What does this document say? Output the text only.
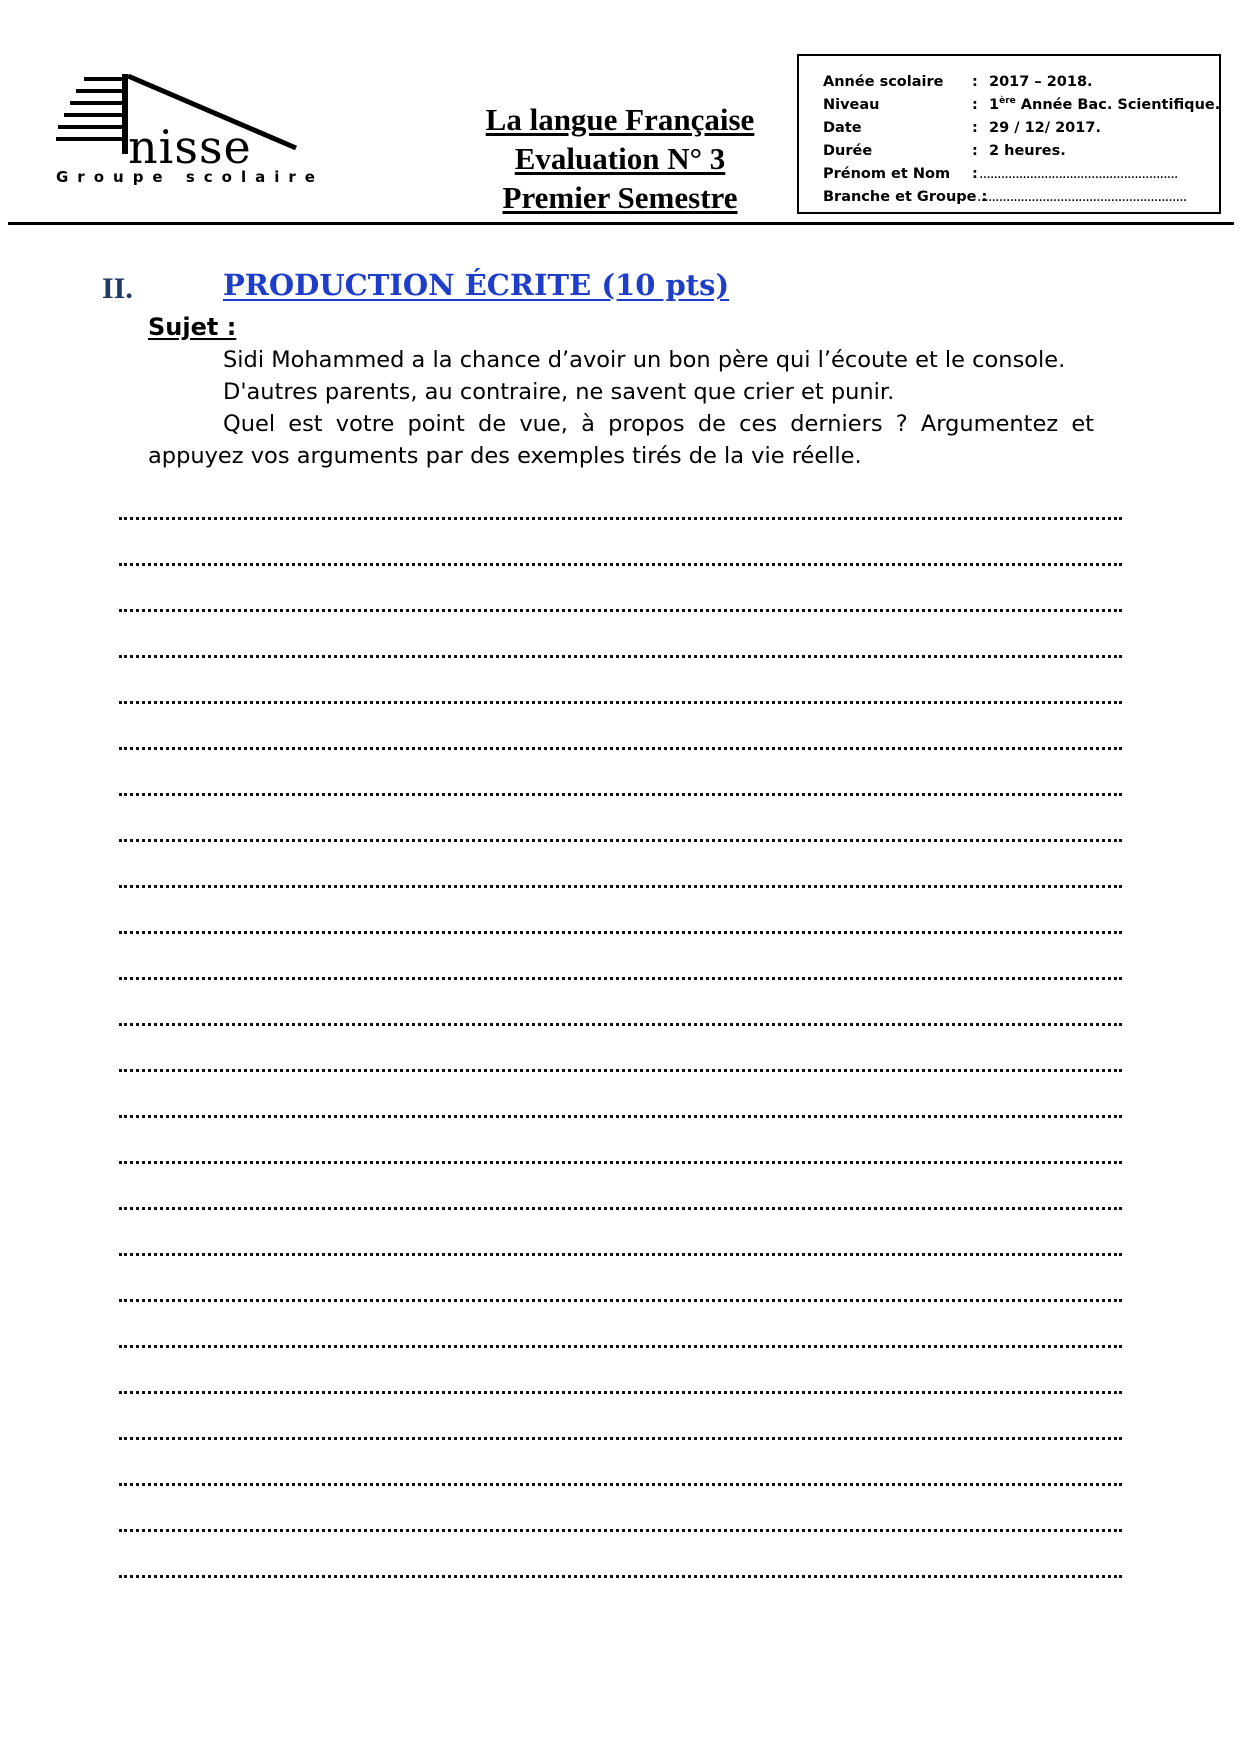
nisse
Groupe scolaire
La langue Française
Evaluation N° 3
Premier Semestre
Année scolaire	: 2017 – 2018.
Niveau	: 1ère Année Bac. Scientifique.
Date	: 29 / 12/ 2017.
Durée	: 2 heures.
Prénom et Nom	: .......................................................
Branche et Groupe :
..........................................................
II.	PRODUCTION ÉCRITE (10 pts)
Sujet :

Sidi Mohammed a la chance d’avoir un bon père qui l’écoute et le console.

D'autres parents, au contraire, ne savent que crier et punir.

Quel est votre point de vue, à propos de ces derniers ? Argumentez et appuyez vos arguments par des exemples tirés de la vie réelle.
